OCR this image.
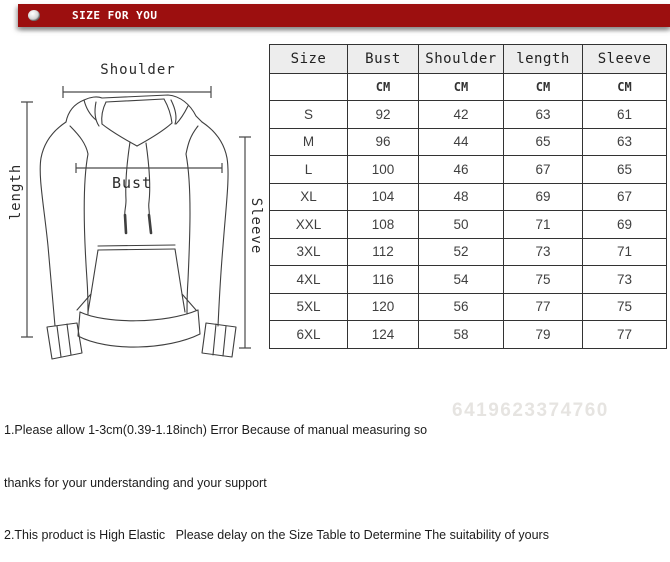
SIZE FOR YOU
Shoulder
length	Bust
Sleeve
Size	Bust	Shoulder	length	Sleeve
	CM	CM	CM	CM
S	92	42	63	61
M	96	44	65	63
L	100	46	67	65
XL	104	48	69	67
XXL	108	50	71	69
3XL	112	52	73	71
4XL	116	54	75	73
5XL	120	56	77	75
6XL	124	58	79	77
6419623374760

1.Please allow 1-3cm(0.39-1.18inch) Error Because of manual measuring so

thanks for your understanding and your support

2.This product is High Elastic   Please delay on the Size Table to Determine The suitability of yours
